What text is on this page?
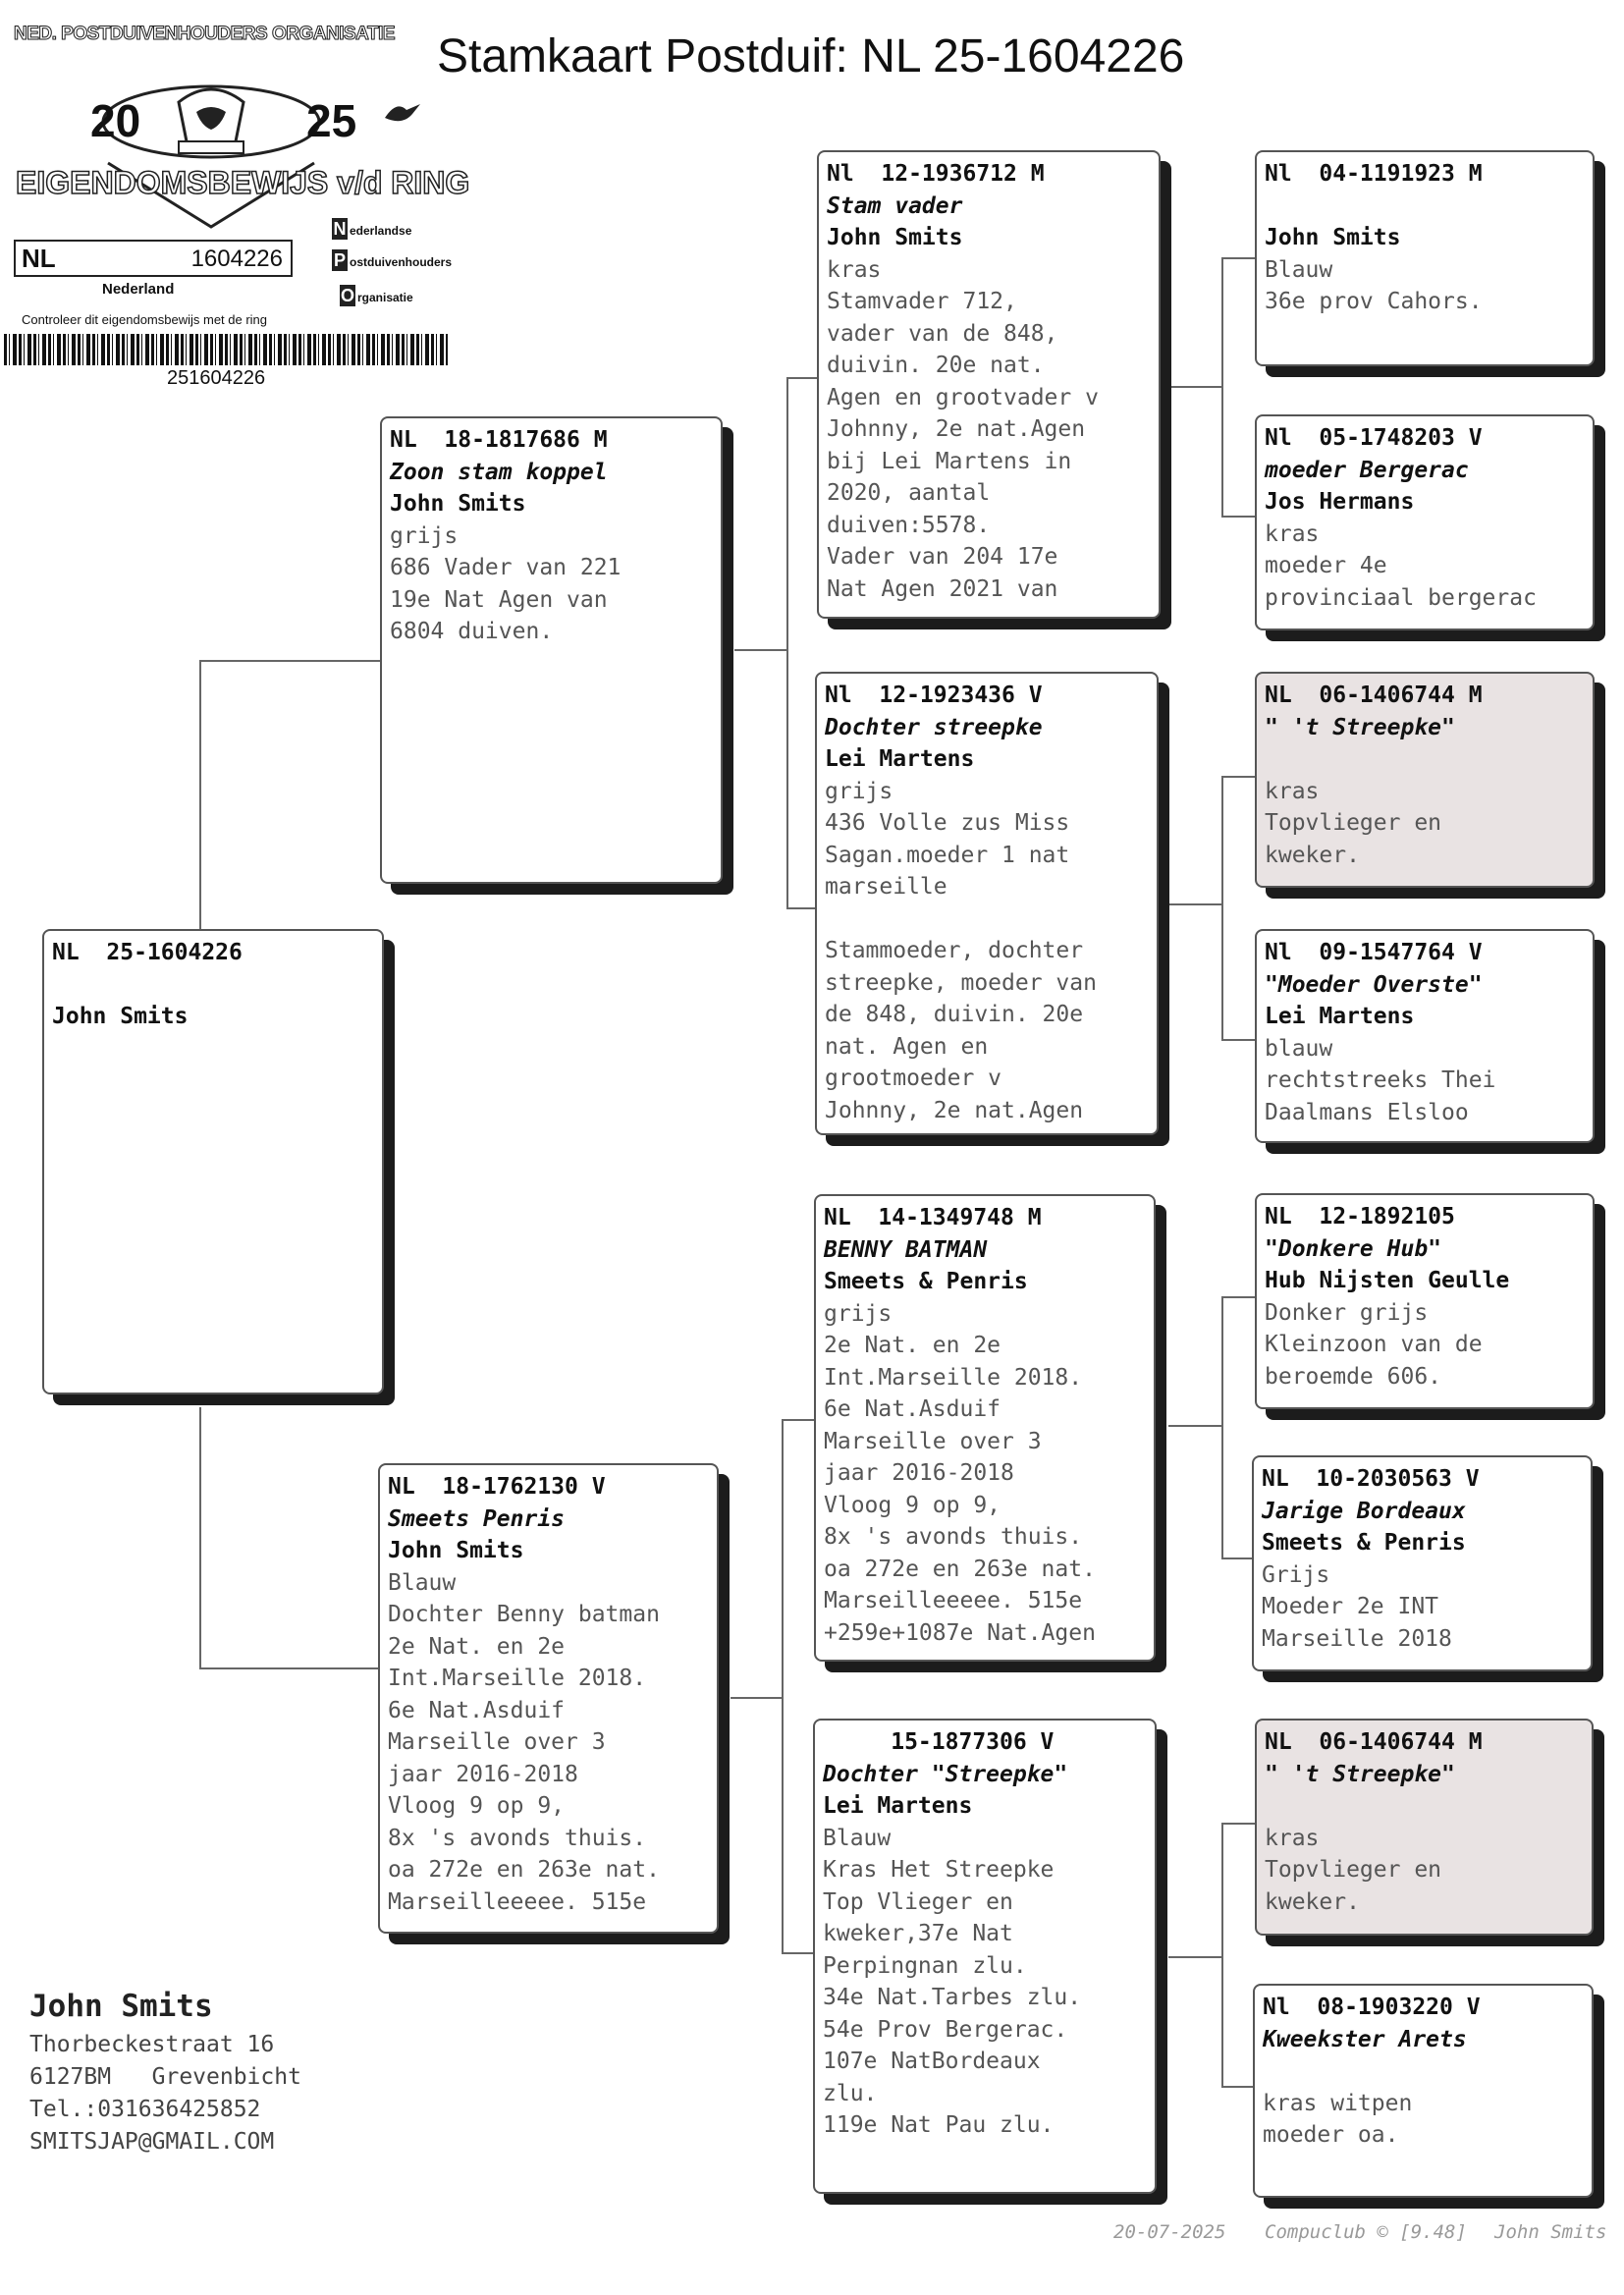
NED. POSTDUIVENHOUDERS ORGANISATIE
20	25
EIGENDOMSBEWIJS v/d RING
N ederlandse
P ostduivenhouders
O rganisatie
NL	1604226
Nederland
Controleer dit eigendomsbewijs met de ring
251604226
Stamkaart Postduif: NL 25-1604226
NL  25-1604226

John Smits
NL  18-1817686 M
Zoon stam koppel
John Smits
grijs
686 Vader van 221
19e Nat Agen van
6804 duiven.
NL  18-1762130 V
Smeets Penris
John Smits
Blauw
Dochter Benny batman
2e Nat. en 2e
Int.Marseille 2018.
6e Nat.Asduif
Marseille over 3
jaar 2016-2018
Vloog 9 op 9,
8x 's avonds thuis.
oa 272e en 263e nat.
Marseilleeeee. 515e
Nl  12-1936712 M
Stam vader
John Smits
kras
Stamvader 712,
vader van de 848,
duivin. 20e nat.
Agen en grootvader v
Johnny, 2e nat.Agen
bij Lei Martens in
2020, aantal
duiven:5578.
Vader van 204 17e
Nat Agen 2021 van
Nl  12-1923436 V
Dochter streepke
Lei Martens
grijs
436 Volle zus Miss
Sagan.moeder 1 nat
marseille

Stammoeder, dochter
streepke, moeder van
de 848, duivin. 20e
nat. Agen en
grootmoeder v
Johnny, 2e nat.Agen
NL  14-1349748 M
BENNY BATMAN
Smeets & Penris
grijs
2e Nat. en 2e
Int.Marseille 2018.
6e Nat.Asduif
Marseille over 3
jaar 2016-2018
Vloog 9 op 9,
8x 's avonds thuis.
oa 272e en 263e nat.
Marseilleeeee. 515e
+259e+1087e Nat.Agen
15-1877306 V
Dochter "Streepke"
Lei Martens
Blauw
Kras Het Streepke
Top Vlieger en
kweker,37e Nat
Perpingnan zlu.
34e Nat.Tarbes zlu.
54e Prov Bergerac.
107e NatBordeaux
zlu.
119e Nat Pau zlu.
Nl  04-1191923 M

John Smits
Blauw
36e prov Cahors.
Nl  05-1748203 V
moeder Bergerac
Jos Hermans
kras
moeder 4e
provinciaal bergerac
NL  06-1406744 M
" 't Streepke"

kras
Topvlieger en
kweker.
Nl  09-1547764 V
"Moeder Overste"
Lei Martens
blauw
rechtstreeks Thei
Daalmans Elsloo
NL  12-1892105
"Donkere Hub"
Hub Nijsten Geulle
Donker grijs
Kleinzoon van de
beroemde 606.
NL  10-2030563 V
Jarige Bordeaux
Smeets & Penris
Grijs
Moeder 2e INT
Marseille 2018
NL  06-1406744 M
" 't Streepke"

kras
Topvlieger en
kweker.
Nl  08-1903220 V
Kweekster Arets

kras witpen
moeder oa.
John Smits
Thorbeckestraat 16
6127BM   Grevenbicht
Tel.:031636425852
SMITSJAP@GMAIL.COM
20-07-2025 Compuclub © [9.48] John Smits
